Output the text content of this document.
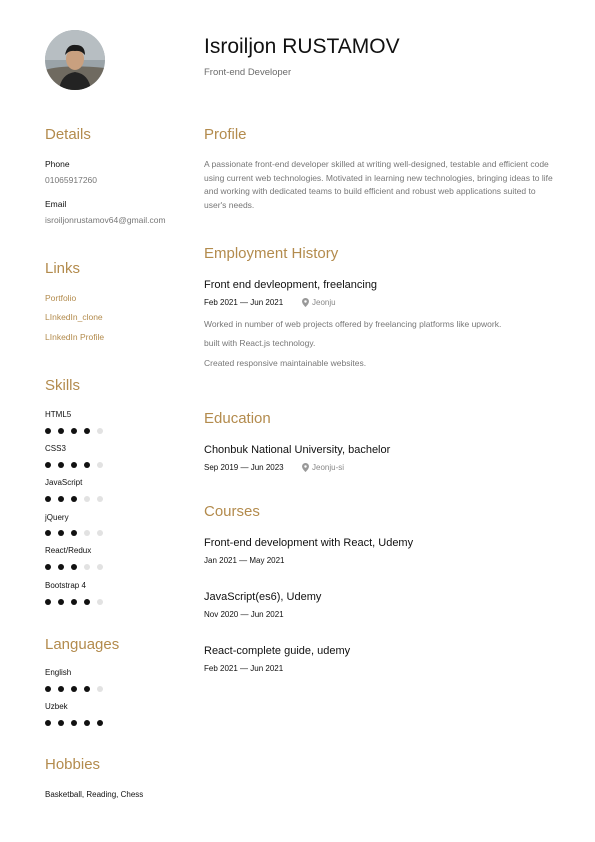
Isroiljon RUSTAMOV
Front-end Developer
Details
Phone
01065917260
Email
isroiljonrustamov64@gmail.com
Links
Portfolio
LInkedIn_clone
LInkedIn Profile
Skills
HTML5
CSS3
JavaScript
jQuery
React/Redux
Bootstrap 4
Languages
English
Uzbek
Hobbies
Basketball, Reading, Chess
Profile
A passionate front-end developer skilled at writing well-designed, testable and efficient code using current web technologies. Motivated in learning new technologies, bringing ideas to life and working with dedicated teams to build efficient and robust web applications suited to user's needs.
Employment History
Front end devleopment, freelancing
Feb 2021 — Jun 2021	Jeonju
Worked in number of web projects offered by freelancing platforms like upwork.
built with React.js technology.
Created responsive maintainable websites.
Education
Chonbuk National University, bachelor
Sep 2019 — Jun 2023	Jeonju-si
Courses
Front-end development with React, Udemy
Jan 2021 — May 2021
JavaScript(es6), Udemy
Nov 2020 — Jun 2021
React-complete guide, udemy
Feb 2021 — Jun 2021
